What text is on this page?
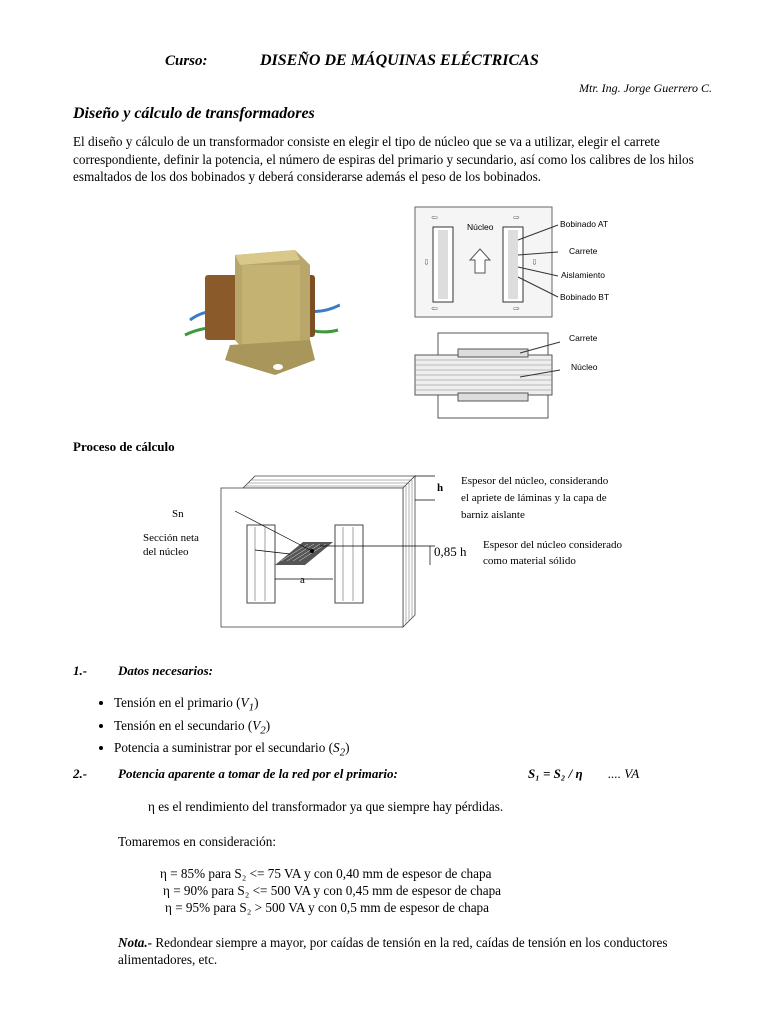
Curso:	DISEÑO DE MÁQUINAS ELÉCTRICAS
Mtr. Ing. Jorge Guerrero C.
Diseño y cálculo de transformadores
El diseño y cálculo de un transformador consiste en elegir el tipo de núcleo que se va a utilizar, elegir el carrete correspondiente, definir la potencia, el número de espiras del primario y secundario, así como los calibres de los hilos esmaltados de los dos bobinados y deberá considerarse además el peso de los bobinados.
⇦	⇨
⇩	⇩
⇦	⇨
Núcleo	Bobinado AT
Carrete
Aislamiento
Bobinado BT
Carrete
Núcleo
Proceso de cálculo
Sn
Sección neta
del núcleo
h
0,85 h
a
Espesor del núcleo, considerando
el apriete de láminas y la capa de
barniz aislante
Espesor del núcleo considerado
como material sólido
1.- Datos necesarios:
• Tensión en el primario $(V_1)$
• Tensión en el secundario $(V_2)$
• Potencia a suministrar por el secundario $(S_2)$
2.- Potencia aparente a tomar de la red por el primario:	S₁ = S₂ / η .... VA
η es el rendimiento del transformador ya que siempre hay pérdidas.
Tomaremos en consideración:
η = 85% para S₂ <= 75 VA y con 0,40 mm de espesor de chapa
η = 90% para S₂ <= 500 VA y con 0,45 mm de espesor de chapa
η = 95% para S₂ > 500 VA y con 0,5 mm de espesor de chapa
Nota.- Redondear siempre a mayor, por caídas de tensión en la red, caídas de tensión en los conductores alimentadores, etc.
